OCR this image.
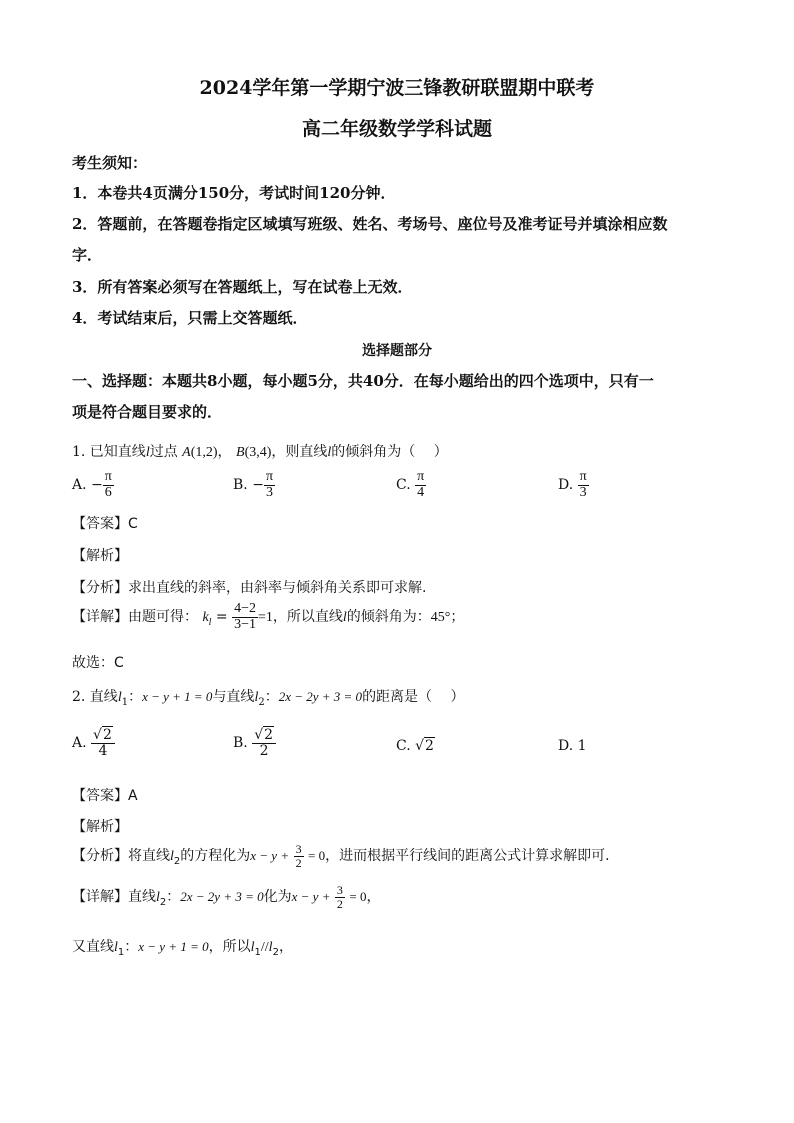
2024学年第一学期宁波三锋教研联盟期中联考
高二年级数学学科试题
考生须知：
1．本卷共4页满分150分，考试时间120分钟．
2．答题前，在答题卷指定区域填写班级、姓名、考场号、座位号及准考证号并填涂相应数
字．
3．所有答案必须写在答题纸上，写在试卷上无效．
4．考试结束后，只需上交答题纸．
选择题部分
一、选择题：本题共8小题，每小题5分，共40分．在每小题给出的四个选项中，只有一
项是符合题目要求的．
1. 已知直线l过点 A(1,2)， B(3,4)，则直线l的倾斜角为（　 ）
A. − $\frac{\pi}{6}$	B. − $\frac{\pi}{3}$	C. $\frac{\pi}{4}$	D. $\frac{\pi}{3}$
【答案】C
【解析】
【分析】求出直线的斜率，由斜率与倾斜角关系即可求解.
【详解】由题可得： $k_l = \frac{4-2}{3-1} =1$，所以直线l的倾斜角为：45°；
故选：C
2. 直线$l_1$：x − y + 1 = 0与直线$l_2$：2x − 2y + 3 = 0的距离是（　 ）
A. $\frac{√2}{4}$	B. $\frac{√2}{2}$	C. √2	D. 1
【答案】A
【解析】
【分析】将直线$l_2$的方程化为$x - y + \frac{3}{2} = 0$，进而根据平行线间的距离公式计算求解即可.
【详解】直线$l_2$：2x − 2y + 3 = 0化为$x - y + \frac{3}{2} = 0$，
又直线$l_1$：x − y + 1 = 0，所以$l_1//l_2$，
